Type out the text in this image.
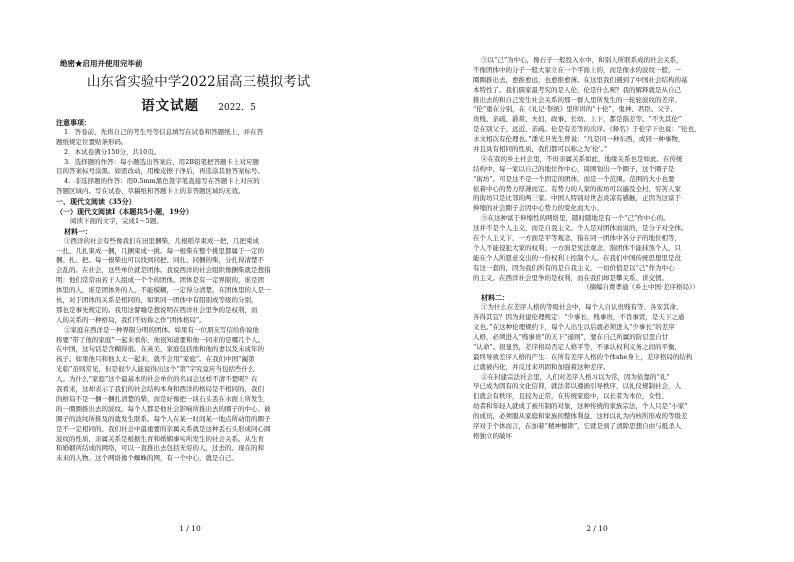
绝密★启用并使用完毕前
山东省实验中学2022届高三模拟考试
语文试题 2022．5
注意事项：
1．答卷前，先将自己的考生号等信息填写在试卷和答题纸上，并在答
题纸规定位置贴条形码。
2．本试卷满分150分，共10页。
3．选择题的作答：每小题选出答案后，用2B铅笔把答题卡上对应题
目的答案标号涂黑。如需改动，用橡皮擦干净后，再选涂其他答案标号。
4．非选择题的作答：用0.5mm黑色签字笔直接写在答题卡上对应的
答题区域内。写在试卷、草稿纸和答题卡上的非答题区域均无效。
一、现代文阅读（35分）
（一）现代文阅读Ⅰ（本题共5小题，19分）
阅读下面的文字，完成1～5题。
材料一：
①西洋的社会有些像我们在田里捆柴，几根稻草束成一把，几把束成
一扎，几扎束成一捆，几捆束成一挑。每一根柴在整个挑里都属于一定的
捆、扎、把。每一根柴也可以找到同把、同扎、同捆的柴，分扎得清楚不
会乱的。在社会，这些单位就是团体。我说西洋的社会组织像捆柴就是想指
明：他们常常由若干人组成一个个的团体。团体是有一定界限的，谁是团
体里的人，谁是团体外的人，不能模糊，一定得分清楚。在团体里的人是一
伙，对于团体的关系是相同的，如果同一团体中有组别或等级的分别，
那也是事先规定的。我用这譬喻是想说明在西洋社会里争的是权利，而
人的关系的一种格局，我们不妨称之作“团体格局”。
②家庭在西洋是一种界限分明的团体。如果有一位朋友写信给你说他
将要“带了他的家庭”一起来看你，他很知道要和他一同来的是哪几个人。
在中国，这句话是含糊得很。在英美，家庭包括他和他的妻以及未成年的
孩子。如果他只和他太太一起来，就不会用“家庭”。在我们中国“阖第
光临”虽则常见，但是很少人能说得出这个“第”字究竟应当包括些什么
人。为什么“家庭”这个最基本的社会单位的名词会这样不清不楚呢？在
我看来，这却表示了我们的社会结构本身和西洋的格局是不相同的，我们
的格局不是一捆一捆扎清楚的柴，而是好像把一块石头丢在水面上所发生
的一圈圈推出去的波纹。每个人都是他社会影响所推出去的圈子的中心。被
圈子的波纹所推及的就发生联系。每个人在某一时间某一地点所动用的圈子
是不一定相同的。我们社会中最重要的亲属关系就是这种丢石头形成同心圆
波纹的性质，亲属关系是根据生育和婚姻事实所发生的社会关系。从生育
和婚姻所结成的网络，可以一直推出去包括无穷的人，过去的、现在的和
未来的人物。这个网络像个蜘蛛的网，有一个中心，就是自己。
1 / 10
③以“己”为中心，像石子一般投入水中，和别人所联系成的社会关系，
不像团体中的分子一般大家立在一个平面上的，而是像水的波纹一般，一
圈圈推出去，愈推愈远，也愈推愈薄。在这里我们遇到了中国社会结构的基
本特性了。我们儒家最考究的是人伦，伦是什么呢？我的解释就是从自己
推出去的和自己发生社会关系的那一群人里所发生的一轮轮波纹的差序。
“伦”重在分别，在《礼记·祭统》里所讲的“十伦”，鬼神、君臣、父子、
贵贱、亲疏、爵赏、夫妇、政事、长幼、上下，都是指差等。“不失其伦”
是在别父子、远近、亲疏。伦是有差等的次序。《释名》于伦字下也说：“伦也，
水文相次有伦理也。”潘光旦先生曾说：“凡是同一种东西，或同一种事物，
并且具有相同的性质，我们都可以称之为‘伦’。”
④在我的乡土社会里，不但亲属关系如此，地缘关系也是如此。在传统
结构中，每一家以自己的地位作中心，周围划出一个圈子，这个圈子是
“街坊”。可是这不是一个固定的团体，而是一个范围。范围的大小也要
依着中心的势力厚薄而定。有势力的人家的街坊可以遍及全村，穷苦人家
的街坊只是比邻的两三家。中国人特别对世态炎凉有感触，正因为这富于
伸缩的社会圈子会因中心势力的变化而大小。
⑤在这种富于伸缩性的网络里，随时随地是有一个“己”作中心的。
这并不是个人主义，而是自我主义。个人是对团体而说的，是分子对全体。
在个人主义下，一方面是平等观念，指在同一团体中各分子的地位相等，
个人不能侵犯大家的权利；一方面是宪法观念，指团体不能抹煞个人，只
能在个人所愿意交出的一份权利上控制个人。在我们中国传统思想里是没
有这一套的，因为我们所有的是自我主义，一切价值是以“己”作为中心
的主义。在西洋社会里争的是权利，而在我们却是攀关系、讲交情。
（摘编自费孝通《乡土中国·差序格局》）
材料二：
①为什么在差序人格的等级社会中，每个人自认贵贱有等、各安其命、
各得其宜？因为封建伦理规定：“少事长，贱事贵，不肖事贤，是天下之通
义也。”在这种伦理规约下，每个人出生以后就必须进入“少事长”的差序
人格，必须进入“贱事贵”的天下“通则”，要在自己所属的阶层里自甘
“认命”。很显然，差序格局否定人格平等，不承认权利义务之间的平衡，
最终导致差序人格的产生：在所有差序人格的个体she身上，差序格局的结构
已就被内化，并反过来巩固和加强着这种差序。
②在封建宗法社会里，人们对差序人格习以为常，因为依靠的“礼”
早已成为固有的文化信仰，就法者以遵循引导秩序，以礼仪规制社会，人
们就会有秩序，且较为正常，在传统家庭中，以长者为本位，女性、
幼者和年轻人就成了被压制的对象，这种传统的家族宗法，个人只是“小家”
的成员，必须服从家庭和家族的整体利益，这样以礼为内核所形成的等级差
序对于个体而言，在加着“精神枷锁”，它就是到了清除思想自由与抵杀人
格独立的破坏
2 / 10
